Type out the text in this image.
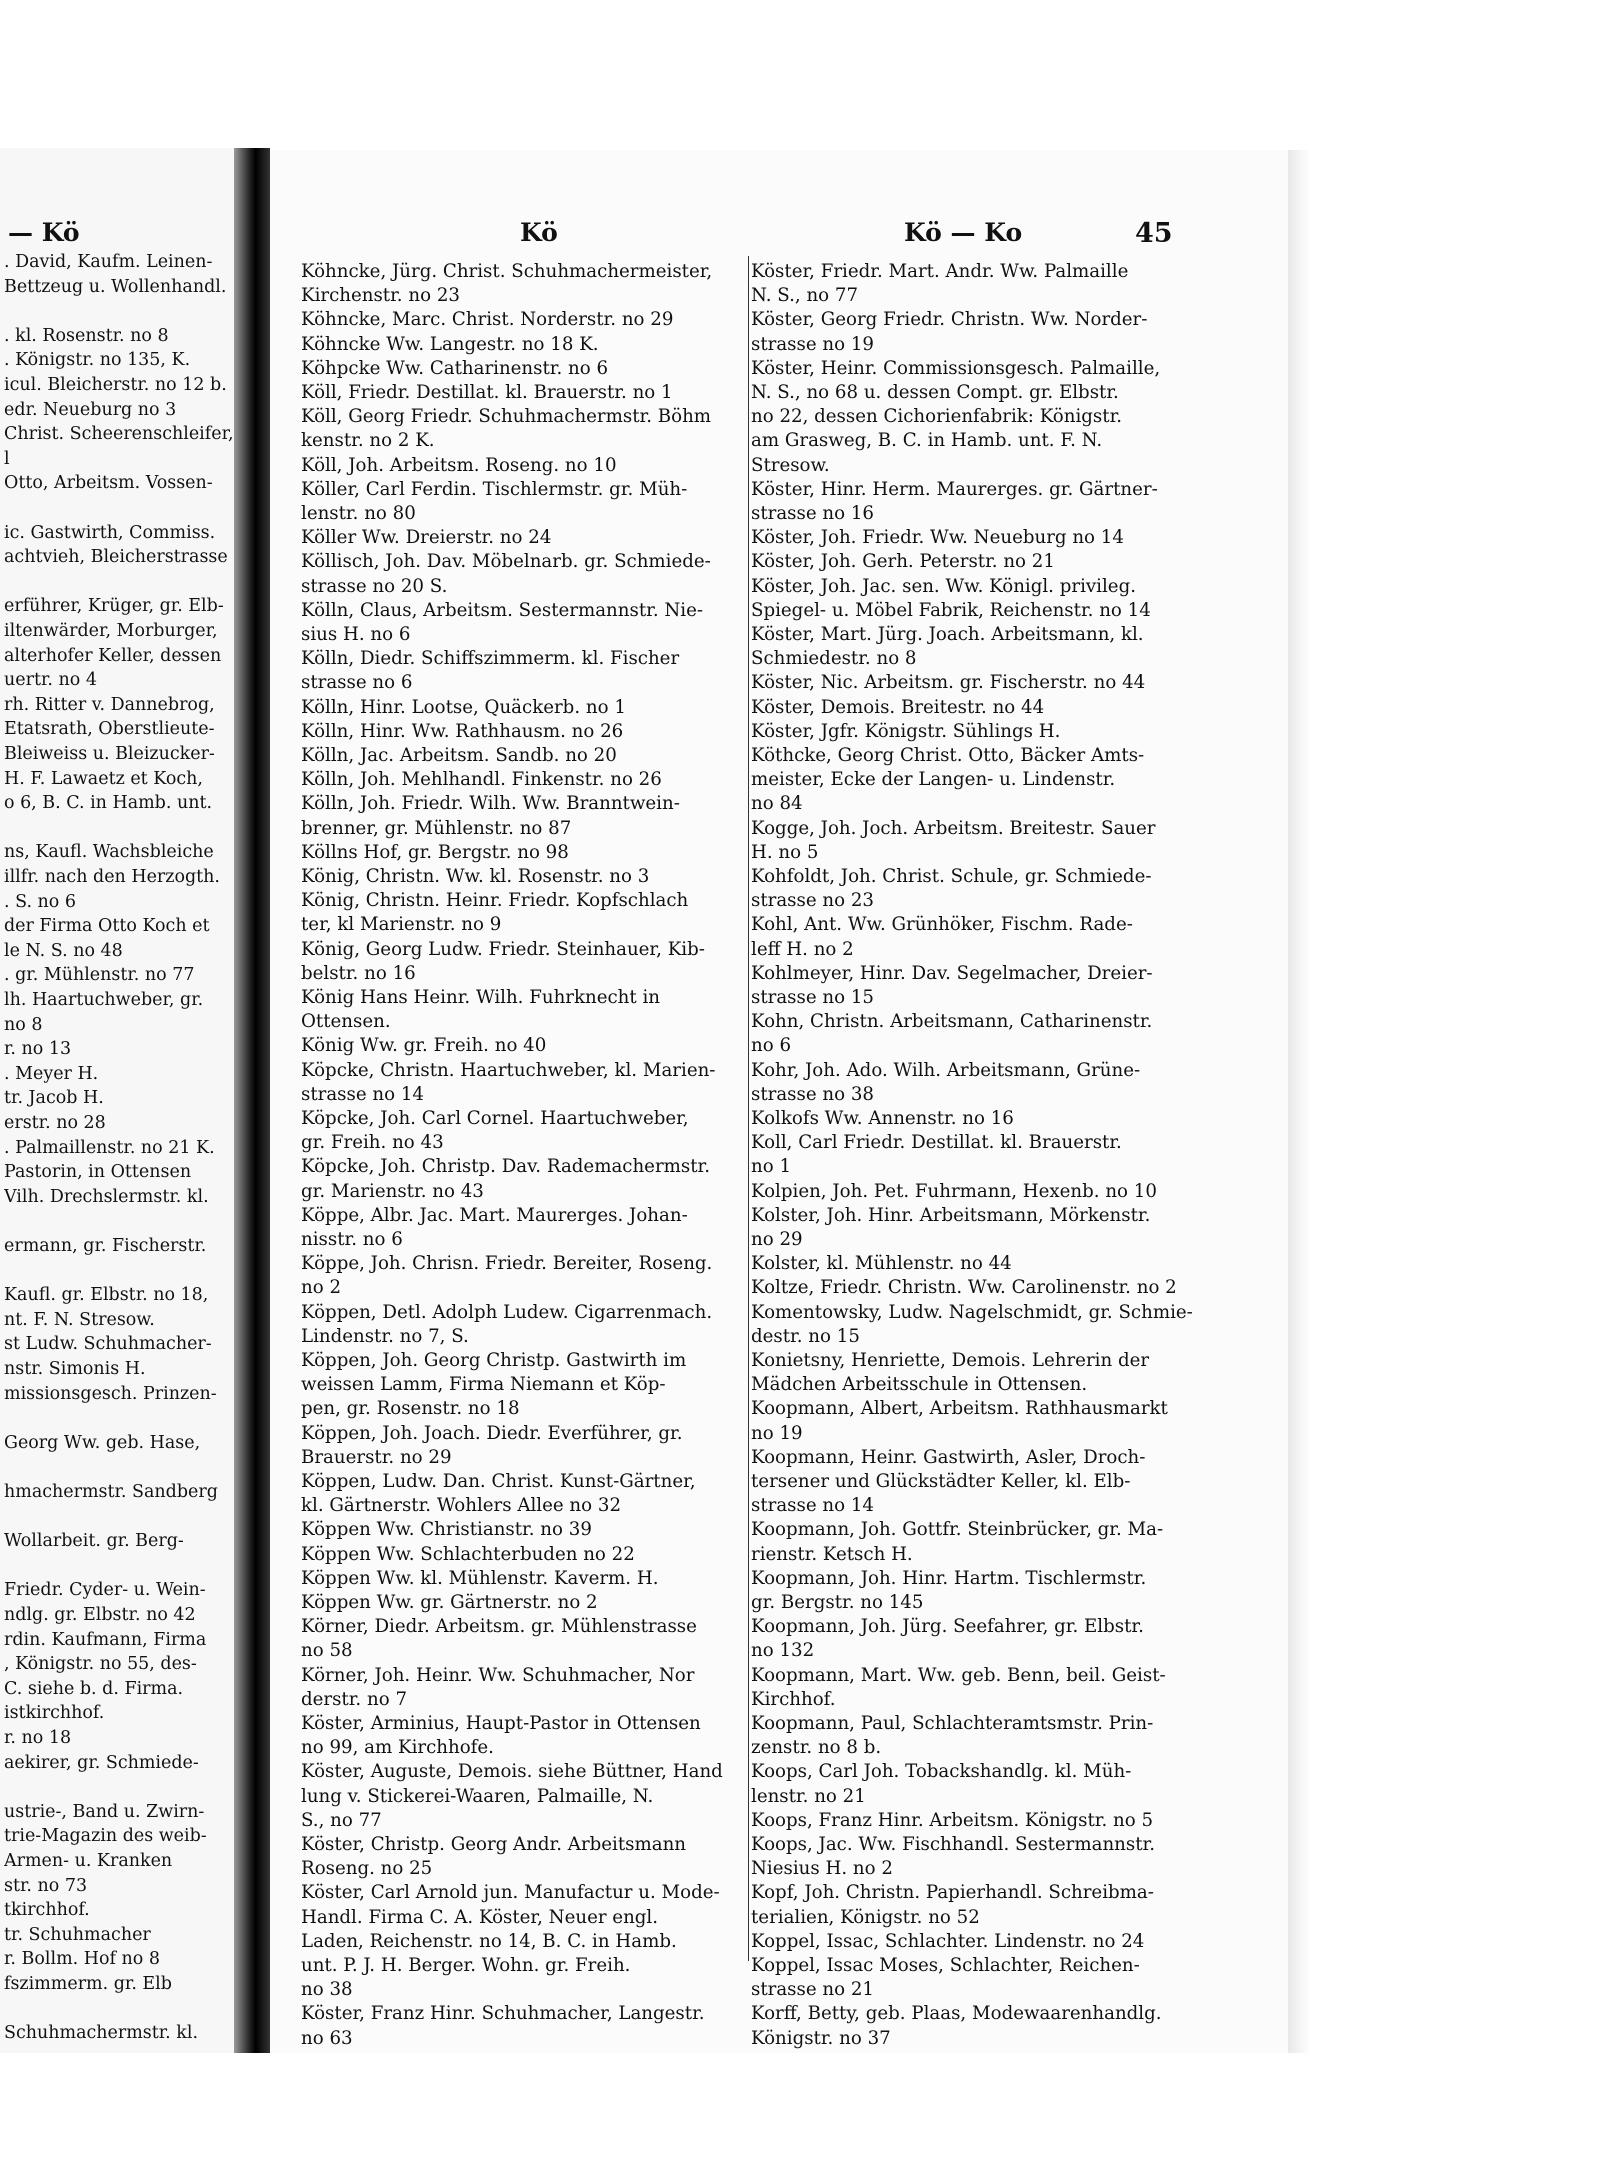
— Kö	Kö	Kö — Ko	45
. David, Kaufm. Leinen-
Bettzeug u. Wollenhandl.
. kl. Rosenstr. no 8
. Königstr. no 135, K.
icul. Bleicherstr. no 12 b.
edr. Neueburg no 3
Christ. Scheerenschleifer,
l
Otto, Arbeitsm. Vossen-
ic. Gastwirth, Commiss.
achtvieh, Bleicherstrasse
erführer, Krüger, gr. Elb-
iltenwärder, Morburger,
alterhofer Keller, dessen
uertr. no 4
rh. Ritter v. Dannebrog,
Etatsrath, Oberstlieute-
Bleiweiss u. Bleizucker-
H. F. Lawaetz et Koch,
o 6, B. C. in Hamb. unt.
ns, Kaufl. Wachsbleiche
illfr. nach den Herzogth.
. S. no 6
der Firma Otto Koch et
le N. S. no 48
. gr. Mühlenstr. no 77
lh. Haartuchweber, gr.
no 8
r. no 13
. Meyer H.
tr. Jacob H.
erstr. no 28
. Palmaillenstr. no 21 K.
Pastorin, in Ottensen
Vilh. Drechslermstr. kl.
ermann, gr. Fischerstr.
Kaufl. gr. Elbstr. no 18,
nt. F. N. Stresow.
st Ludw. Schuhmacher-
nstr. Simonis H.
missionsgesch. Prinzen-
Georg Ww. geb. Hase,
hmachermstr. Sandberg
Wollarbeit. gr. Berg-
Friedr. Cyder- u. Wein-
ndlg. gr. Elbstr. no 42
rdin. Kaufmann, Firma
, Königstr. no 55, des-
C. siehe b. d. Firma.
istkirchhof.
r. no 18
aekirer, gr. Schmiede-
ustrie-, Band u. Zwirn-
trie-Magazin des weib-
Armen- u. Kranken
str. no 73
tkirchhof.
tr. Schuhmacher
r. Bollm. Hof no 8
fszimmerm. gr. Elb
Schuhmachermstr. kl.
Köhncke, Jürg. Christ. Schuhmachermeister,
Kirchenstr. no 23
Köhncke, Marc. Christ. Norderstr. no 29
Köhncke Ww. Langestr. no 18 K.
Köhpcke Ww. Catharinenstr. no 6
Köll, Friedr. Destillat. kl. Brauerstr. no 1
Köll, Georg Friedr. Schuhmachermstr. Böhm
kenstr. no 2 K.
Köll, Joh. Arbeitsm. Roseng. no 10
Köller, Carl Ferdin. Tischlermstr. gr. Müh-
lenstr. no 80
Köller Ww. Dreierstr. no 24
Köllisch, Joh. Dav. Möbelnarb. gr. Schmiede-
strasse no 20 S.
Kölln, Claus, Arbeitsm. Sestermannstr. Nie-
sius H. no 6
Kölln, Diedr. Schiffszimmerm. kl. Fischer
strasse no 6
Kölln, Hinr. Lootse, Quäckerb. no 1
Kölln, Hinr. Ww. Rathhausm. no 26
Kölln, Jac. Arbeitsm. Sandb. no 20
Kölln, Joh. Mehlhandl. Finkenstr. no 26
Kölln, Joh. Friedr. Wilh. Ww. Branntwein-
brenner, gr. Mühlenstr. no 87
Köllns Hof, gr. Bergstr. no 98
König, Christn. Ww. kl. Rosenstr. no 3
König, Christn. Heinr. Friedr. Kopfschlach
ter, kl Marienstr. no 9
König, Georg Ludw. Friedr. Steinhauer, Kib-
belstr. no 16
König Hans Heinr. Wilh. Fuhrknecht in
Ottensen.
König Ww. gr. Freih. no 40
Köpcke, Christn. Haartuchweber, kl. Marien-
strasse no 14
Köpcke, Joh. Carl Cornel. Haartuchweber,
gr. Freih. no 43
Köpcke, Joh. Christp. Dav. Rademachermstr.
gr. Marienstr. no 43
Köppe, Albr. Jac. Mart. Maurerges. Johan-
nisstr. no 6
Köppe, Joh. Chrisn. Friedr. Bereiter, Roseng.
no 2
Köppen, Detl. Adolph Ludew. Cigarrenmach.
Lindenstr. no 7, S.
Köppen, Joh. Georg Christp. Gastwirth im
weissen Lamm, Firma Niemann et Köp-
pen, gr. Rosenstr. no 18
Köppen, Joh. Joach. Diedr. Everführer, gr.
Brauerstr. no 29
Köppen, Ludw. Dan. Christ. Kunst-Gärtner,
kl. Gärtnerstr. Wohlers Allee no 32
Köppen Ww. Christianstr. no 39
Köppen Ww. Schlachterbuden no 22
Köppen Ww. kl. Mühlenstr. Kaverm. H.
Köppen Ww. gr. Gärtnerstr. no 2
Körner, Diedr. Arbeitsm. gr. Mühlenstrasse
no 58
Körner, Joh. Heinr. Ww. Schuhmacher, Nor
derstr. no 7
Köster, Arminius, Haupt-Pastor in Ottensen
no 99, am Kirchhofe.
Köster, Auguste, Demois. siehe Büttner, Hand
lung v. Stickerei-Waaren, Palmaille, N.
S., no 77
Köster, Christp. Georg Andr. Arbeitsmann
Roseng. no 25
Köster, Carl Arnold jun. Manufactur u. Mode-
Handl. Firma C. A. Köster, Neuer engl.
Laden, Reichenstr. no 14, B. C. in Hamb.
unt. P. J. H. Berger. Wohn. gr. Freih.
no 38
Köster, Franz Hinr. Schuhmacher, Langestr.
no 63
Köster, Friedr. Mart. Andr. Ww. Palmaille
N. S., no 77
Köster, Georg Friedr. Christn. Ww. Norder-
strasse no 19
Köster, Heinr. Commissionsgesch. Palmaille,
N. S., no 68 u. dessen Compt. gr. Elbstr.
no 22, dessen Cichorienfabrik: Königstr.
am Grasweg, B. C. in Hamb. unt. F. N.
Stresow.
Köster, Hinr. Herm. Maurerges. gr. Gärtner-
strasse no 16
Köster, Joh. Friedr. Ww. Neueburg no 14
Köster, Joh. Gerh. Peterstr. no 21
Köster, Joh. Jac. sen. Ww. Königl. privileg.
Spiegel- u. Möbel Fabrik, Reichenstr. no 14
Köster, Mart. Jürg. Joach. Arbeitsmann, kl.
Schmiedestr. no 8
Köster, Nic. Arbeitsm. gr. Fischerstr. no 44
Köster, Demois. Breitestr. no 44
Köster, Jgfr. Königstr. Sühlings H.
Köthcke, Georg Christ. Otto, Bäcker Amts-
meister, Ecke der Langen- u. Lindenstr.
no 84
Kogge, Joh. Joch. Arbeitsm. Breitestr. Sauer
H. no 5
Kohfoldt, Joh. Christ. Schule, gr. Schmiede-
strasse no 23
Kohl, Ant. Ww. Grünhöker, Fischm. Rade-
leff H. no 2
Kohlmeyer, Hinr. Dav. Segelmacher, Dreier-
strasse no 15
Kohn, Christn. Arbeitsmann, Catharinenstr.
no 6
Kohr, Joh. Ado. Wilh. Arbeitsmann, Grüne-
strasse no 38
Kolkofs Ww. Annenstr. no 16
Koll, Carl Friedr. Destillat. kl. Brauerstr.
no 1
Kolpien, Joh. Pet. Fuhrmann, Hexenb. no 10
Kolster, Joh. Hinr. Arbeitsmann, Mörkenstr.
no 29
Kolster, kl. Mühlenstr. no 44
Koltze, Friedr. Christn. Ww. Carolinenstr. no 2
Komentowsky, Ludw. Nagelschmidt, gr. Schmie-
destr. no 15
Konietsny, Henriette, Demois. Lehrerin der
Mädchen Arbeitsschule in Ottensen.
Koopmann, Albert, Arbeitsm. Rathhausmarkt
no 19
Koopmann, Heinr. Gastwirth, Asler, Droch-
tersener und Glückstädter Keller, kl. Elb-
strasse no 14
Koopmann, Joh. Gottfr. Steinbrücker, gr. Ma-
rienstr. Ketsch H.
Koopmann, Joh. Hinr. Hartm. Tischlermstr.
gr. Bergstr. no 145
Koopmann, Joh. Jürg. Seefahrer, gr. Elbstr.
no 132
Koopmann, Mart. Ww. geb. Benn, beil. Geist-
Kirchhof.
Koopmann, Paul, Schlachteramtsmstr. Prin-
zenstr. no 8 b.
Koops, Carl Joh. Tobackshandlg. kl. Müh-
lenstr. no 21
Koops, Franz Hinr. Arbeitsm. Königstr. no 5
Koops, Jac. Ww. Fischhandl. Sestermannstr.
Niesius H. no 2
Kopf, Joh. Christn. Papierhandl. Schreibma-
terialien, Königstr. no 52
Koppel, Issac, Schlachter. Lindenstr. no 24
Koppel, Issac Moses, Schlachter, Reichen-
strasse no 21
Korff, Betty, geb. Plaas, Modewaarenhandlg.
Königstr. no 37
